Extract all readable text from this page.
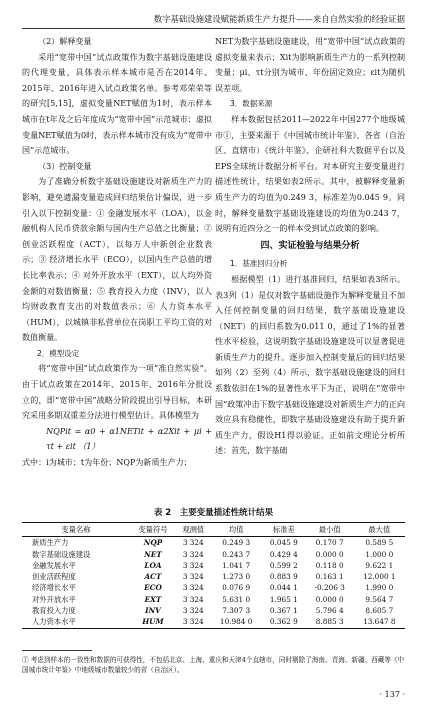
数字基础设施建设赋能新质生产力提升——来自自然实验的经验证据

（2）解释变量

采用“宽带中国”试点政策作为数字基础设施建设的代理变量，具体表示样本城市是否在2014年、2015年、2016年进入试点政策名单。参考邓荣荣等的研究[5,15]，虚拟变量NET赋值为1时，表示样本城市在t年及之后年度成为“宽带中国”示范城市；虚拟变量NET赋值为0时，表示样本城市没有成为“宽带中国”示范城市。

（3）控制变量

为了准确分析数字基础设施建设对新质生产力的影响，避免遗漏变量造成回归结果估计偏误，进一步引入以下控制变量：① 金融发展水平（LOA），以金融机构人民币贷款余额与国内生产总值之比衡量；② 创业活跃程度（ACT），以每万人中新创企业数表示；③ 经济增长水平（ECO），以国内生产总值的增长比率表示；④ 对外开放水平（EXT），以人均外资金额的对数值衡量；⑤ 教育投入力度（INV），以人均财政教育支出的对数值表示；⑥ 人力资本水平（HUM），以城镇非私营单位在岗职工平均工资的对数值衡量。

2．模型设定

将“宽带中国”试点政策作为一项“准自然实验”。由于试点政策在2014年、2015年、2016年分批设立的，即“宽带中国”战略分阶段提出引导目标，本研究采用多期双重差分法进行模型估计。具体模型为

NQPit = α0 + α1NETit + α2Xit + μi + τt + εit （1）

式中：i为城市；t为年份；NQP为新质生产力；

NET为数字基础设施建设，用“宽带中国”试点政策的虚拟变量来表示；Xit为影响新质生产力的一系列控制变量；μi、τt分别为城市、年份固定效应；εit为随机误差项。

3．数据来源

样本数据包括2011—2022年中国277个地级城市①，主要来源于《中国城市统计年鉴》、各省（自治区、直辖市）《统计年鉴》、企研社科大数据平台以及EPS全球统计数据分析平台。对本研究主要变量进行描述性统计，结果如表2所示。其中，被解释变量新质生产力的均值为0.249 3，标准差为0.045 9。同时，解释变量数字基础设施建设的均值为0.243 7，说明有近四分之一的样本受到试点政策的影响。

四、实证检验与结果分析

1．基准回归分析

根据模型（1）进行基准回归，结果如表3所示。表3列（1）是仅对数字基础设施作为解释变量且不加入任何控制变量的回归结果，数字基础设施建设（NET）的回归系数为0.011 0，通过了1%的显著性水平检验，这说明数字基础设施建设可以显著促进新质生产力的提升。逐步加入控制变量后的回归结果如列（2）至列（4）所示，数字基础设施建设的回归系数依旧在1%的显著性水平下为正，说明在“宽带中国”政策冲击下数字基础设施建设对新质生产力的正向效应具有稳健性，即数字基础设施建设有助于提升新质生产力，假设H1得以验证。正如前文理论分析所述：首先，数字基础

表 2　主要变量描述性统计结果
变量名称	变量符号	观测值	均值	标准差	最小值	最大值
新质生产力	NQP	3 324	0.249 3	0.045 9	0.170 7	0.589 5
数字基础设施建设	NET	3 324	0.243 7	0.429 4	0.000 0	1.000 0
金融发展水平	LOA	3 324	1.041 7	0.599 2	0.118 0	9.622 1
创业活跃程度	ACT	3 324	1.273 0	0.883 9	0.163 1	12.000 1
经济增长水平	ECO	3 324	0.076 9	0.044 1	-0.206 3	1.990 0
对外开放水平	EXT	3 324	5.631 0	1.965 1	0.000 0	9.564 7
教育投入力度	INV	3 324	7.307 3	0.367 1	5.796 4	8.605 7
人力资本水平	HUM	3 324	10.984 0	0.362 9	8.885 3	13.647 8
① 考虑到样本的一致性和数据的可获得性，不包括北京、上海、重庆和天津4个直辖市，同时剔除了海南、青海、新疆、西藏等《中国城市统计年鉴》中地级城市数量较少的省（自治区）。
· 137 ·
